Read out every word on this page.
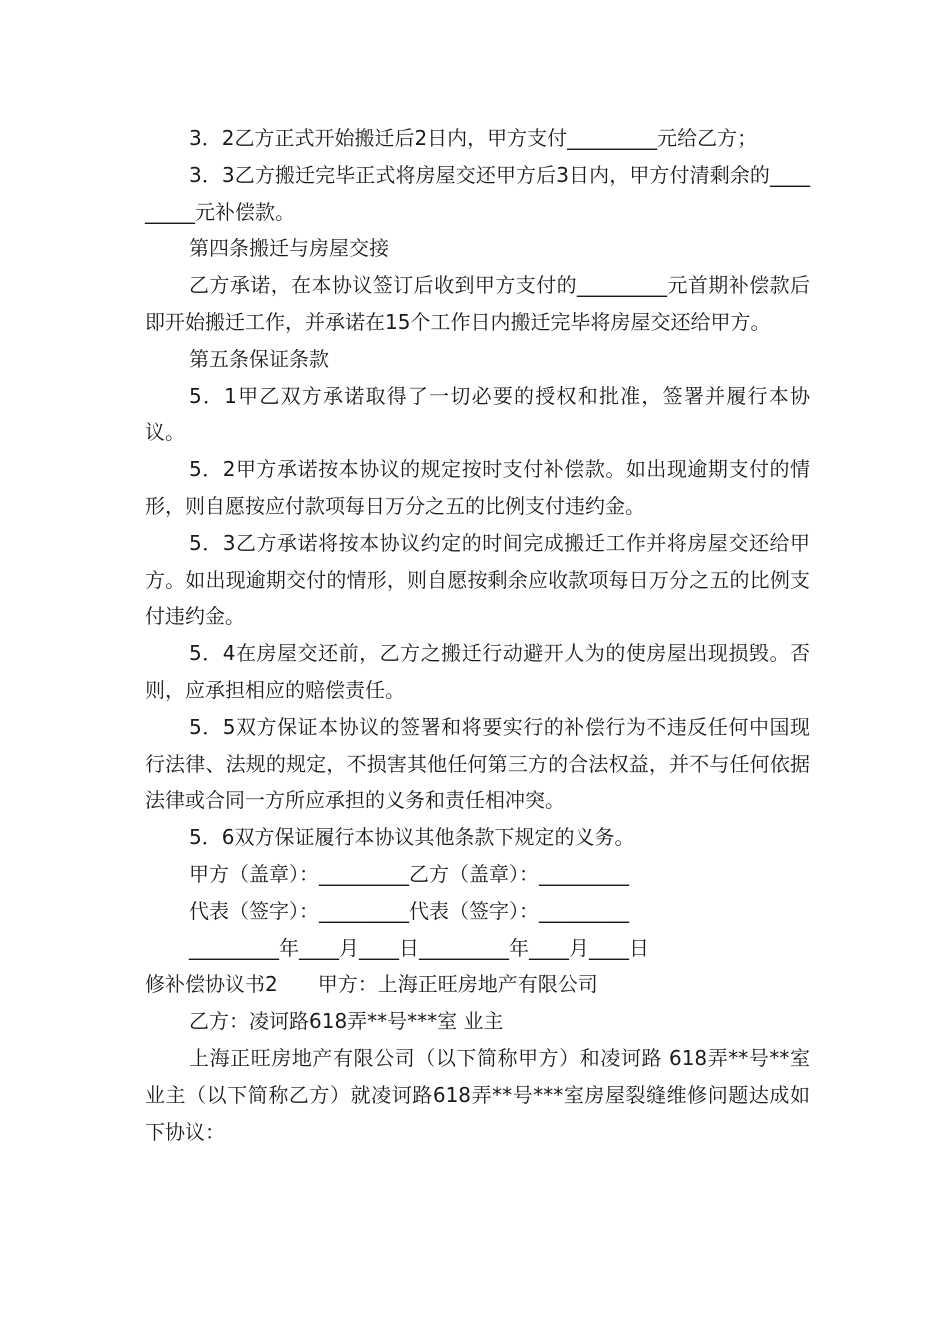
3．2乙方正式开始搬迁后2日内，甲方支付_________元给乙方；

3．3乙方搬迁完毕正式将房屋交还甲方后3日内，甲方付清剩余的_________元补偿款。

第四条搬迁与房屋交接

乙方承诺，在本协议签订后收到甲方支付的_________元首期补偿款后即开始搬迁工作，并承诺在15个工作日内搬迁完毕将房屋交还给甲方。

第五条保证条款

5．1甲乙双方承诺取得了一切必要的授权和批准，签署并履行本协议。

5．2甲方承诺按本协议的规定按时支付补偿款。如出现逾期支付的情形，则自愿按应付款项每日万分之五的比例支付违约金。

5．3乙方承诺将按本协议约定的时间完成搬迁工作并将房屋交还给甲方。如出现逾期交付的情形，则自愿按剩余应收款项每日万分之五的比例支付违约金。

5．4在房屋交还前，乙方之搬迁行动避开人为的使房屋出现损毁。否则，应承担相应的赔偿责任。

5．5双方保证本协议的签署和将要实行的补偿行为不违反任何中国现行法律、法规的规定，不损害其他任何第三方的合法权益，并不与任何依据法律或合同一方所应承担的义务和责任相冲突。

5．6双方保证履行本协议其他条款下规定的义务。

甲方（盖章）：_________乙方（盖章）：_________

代表（签字）：_________代表（签字）：_________

_________年____月____日_________年____月____日

修补偿协议书2　　甲方：上海正旺房地产有限公司

乙方：凌诃路618弄**号***室 业主

上海正旺房地产有限公司（以下简称甲方）和凌诃路 618弄**号**室 业主（以下简称乙方）就凌诃路618弄**号***室房屋裂缝维修问题达成如下协议：
